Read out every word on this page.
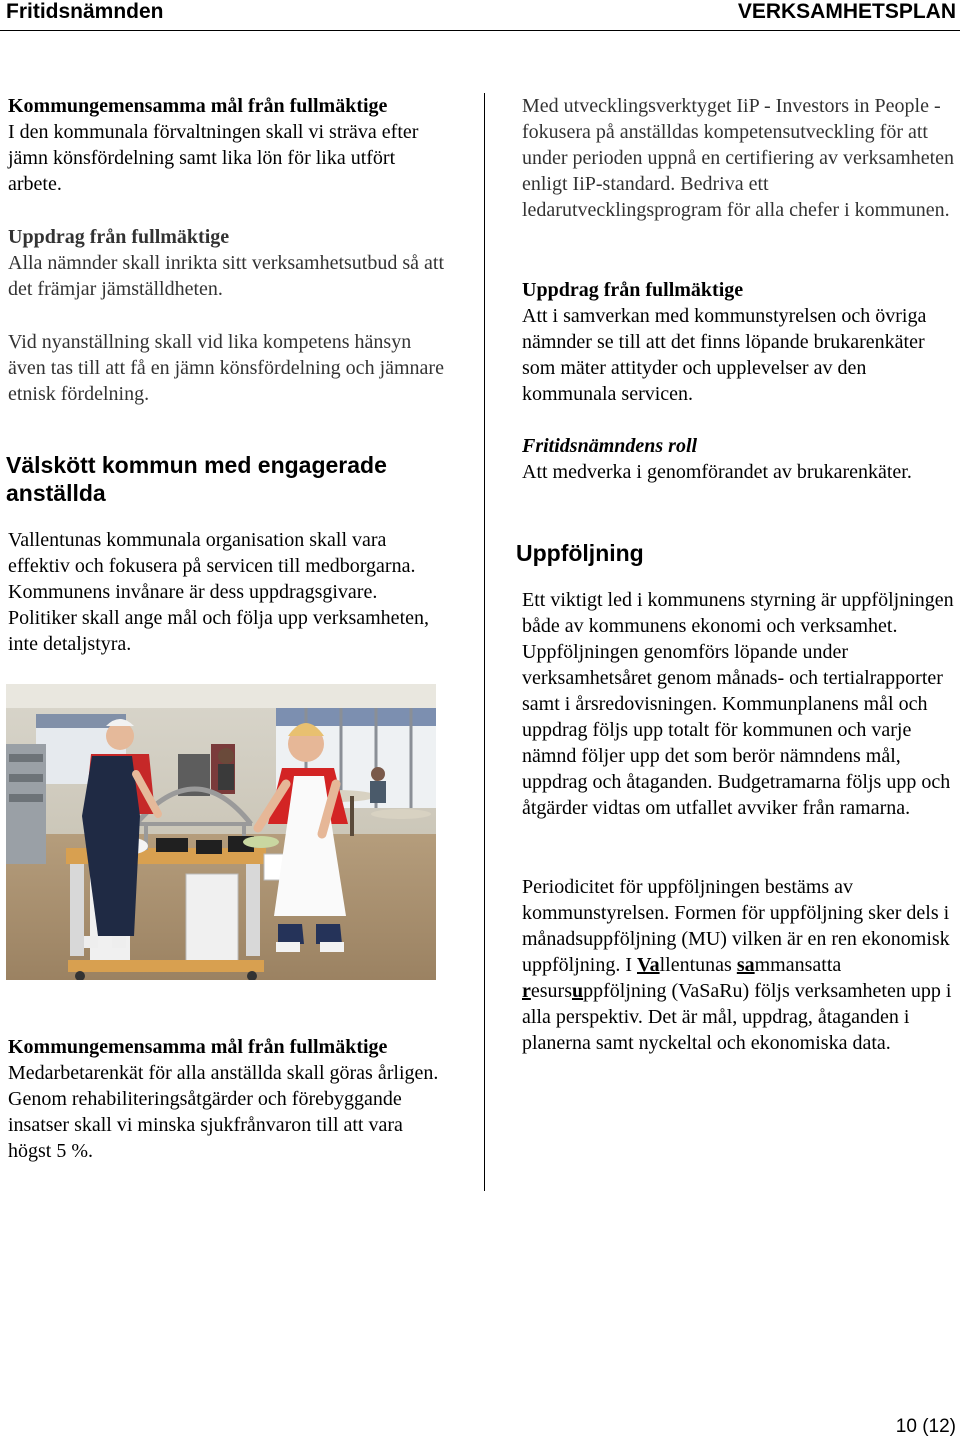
Fritidsnämnden	VERKSAMHETSPLAN
Kommungemensamma mål från fullmäktige
I den kommunala förvaltningen skall vi sträva efter jämn könsfördelning samt lika lön för lika utfört arbete.
Uppdrag från fullmäktige
Alla nämnder skall inrikta sitt verksamhetsutbud så att det främjar jämställdheten.
Vid nyanställning skall vid lika kompetens hänsyn även tas till att få en jämn könsfördelning och jämnare etnisk fördelning.
Välskött kommun med engagerade anställda
Vallentunas kommunala organisation skall vara effektiv och fokusera på servicen till medborgarna. Kommunens invånare är dess uppdragsgivare. Politiker skall ange mål och följa upp verksamheten, inte detaljstyra.
Kommungemensamma mål från fullmäktige
Medarbetarenkät för alla anställda skall göras årligen.
Genom rehabiliteringsåtgärder och förebyggande insatser skall vi minska sjukfrånvaron till att vara högst 5 %.
Med utvecklingsverktyget IiP - Investors in People - fokusera på anställdas kompetensutveckling för att under perioden uppnå en certifiering av verksamheten enligt IiP-standard. Bedriva ett ledarutvecklingsprogram för alla chefer i kommunen.
Uppdrag från fullmäktige
Att i samverkan med kommunstyrelsen och övriga nämnder se till att det finns löpande brukarenkäter som mäter attityder och upplevelser av den kommunala servicen.
Fritidsnämndens roll
Att medverka i genomförandet av brukarenkäter.
Uppföljning
Ett viktigt led i kommunens styrning är uppföljningen både av kommunens ekonomi och verksamhet. Uppföljningen genomförs löpande under verksamhetsåret genom månads- och tertialrapporter samt i årsredovisningen. Kommunplanens mål och uppdrag följs upp totalt för kommunen och varje nämnd följer upp det som berör nämndens mål, uppdrag och åtaganden. Budgetramarna följs upp och åtgärder vidtas om utfallet avviker från ramarna.
Periodicitet för uppföljningen bestäms av kommunstyrelsen. Formen för uppföljning sker dels i månadsuppföljning (MU) vilken är en ren ekonomisk uppföljning. I Vallentunas sammansatta resursuppföljning (VaSaRu) följs verksamheten upp i alla perspektiv. Det är mål, uppdrag, åtaganden i planerna samt nyckeltal och ekonomiska data.
10 (12)
